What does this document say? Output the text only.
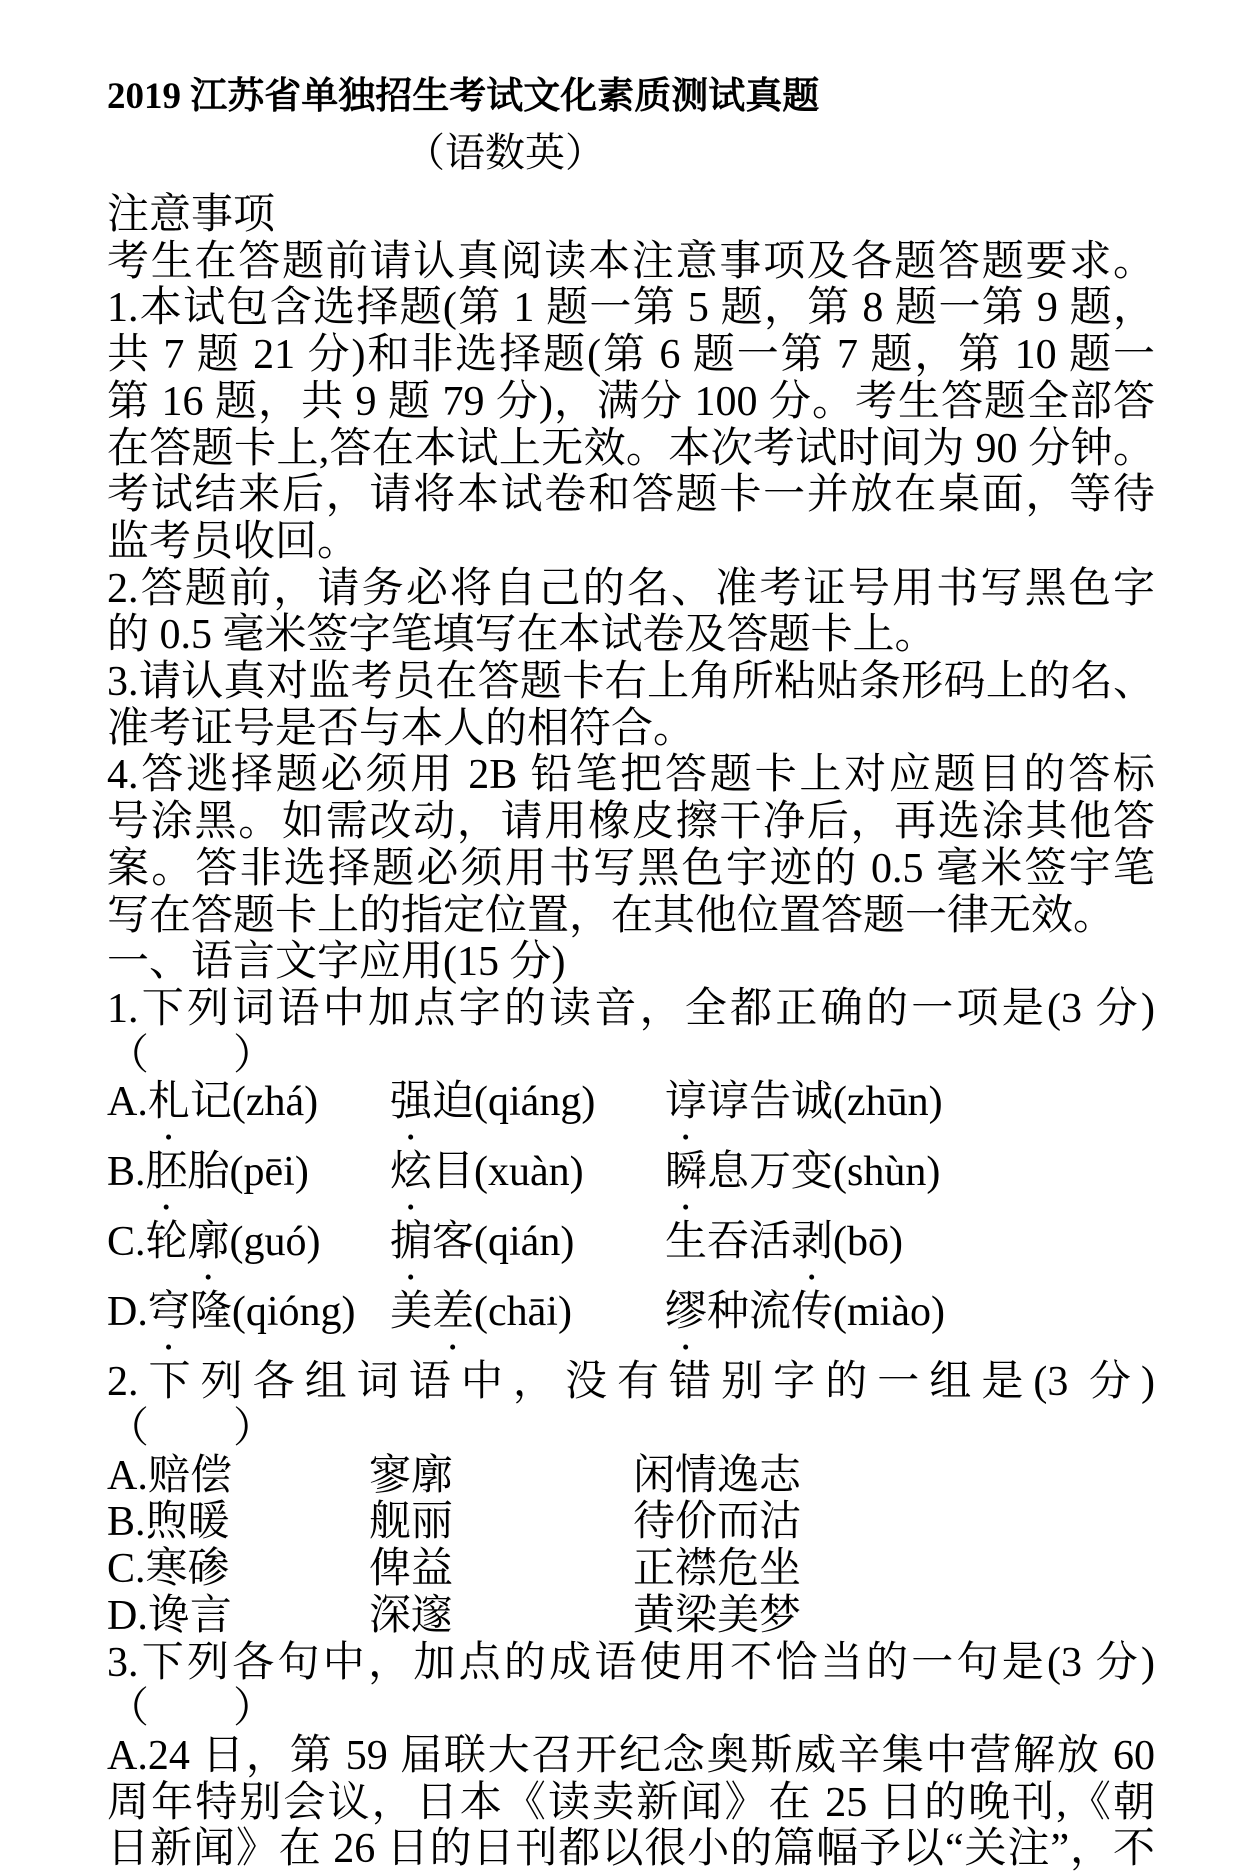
2019 江苏省单独招生考试文化素质测试真题
（语数英）
注意事项
考生在答题前请认真阅读本注意事项及各题答题要求。
1.本试包含选择题(第 1 题一第 5 题，第 8 题一第 9 题，
共 7 题 21 分)和非选择题(第 6 题一第 7 题，第 10 题一
第 16 题，共 9 题 79 分)，满分 100 分。考生答题全部答
在答题卡上,答在本试上无效。本次考试时间为 90 分钟。
考试结来后，请将本试卷和答题卡一并放在桌面，等待
监考员收回。
2.答题前，请务必将自己的名、准考证号用书写黑色字
的 0.5 毫米签字笔填写在本试卷及答题卡上。
3.请认真对监考员在答题卡右上角所粘贴条形码上的名、
准考证号是否与本人的相符合。
4.答逃择题必须用 2B 铅笔把答题卡上对应题目的答标
号涂黑。如需改动，请用橡皮擦干净后，再选涂其他答
案。答非选择题必须用书写黑色宇迹的 0.5 毫米签宇笔
写在答题卡上的指定位置，在其他位置答题一律无效。
一、语言文字应用(15 分)
1.下列词语中加点字的读音，全都正确的一项是(3 分)
（　　）
A.札记(zhá) 强迫(qiáng) 谆谆告诚(zhūn)
B.胚胎(pēi) 炫目(xuàn) 瞬息万变(shùn)
C.轮廓(guó) 掮客(qián) 生吞活剥(bō)
D.穹隆(qióng) 美差(chāi) 缪种流传(miào)
2.下列各组词语中，没有错别字的一组是(3 分)
（　　）
A.赔偿	寥廓	闲情逸志
B.煦暖	舰丽	待价而沽
C.寒碜	俾益	正襟危坐
D.谗言	深邃	黄梁美梦
3.下列各句中，加点的成语使用不恰当的一句是(3 分)
（　　）
A.24 日，第 59 届联大召开纪念奥斯威辛集中营解放 60
周年特别会议，日本《读卖新闻》在 25 日的晚刊,《朝
日新闻》在 26 日的日刊都以很小的篇幅予以“关注”，不
